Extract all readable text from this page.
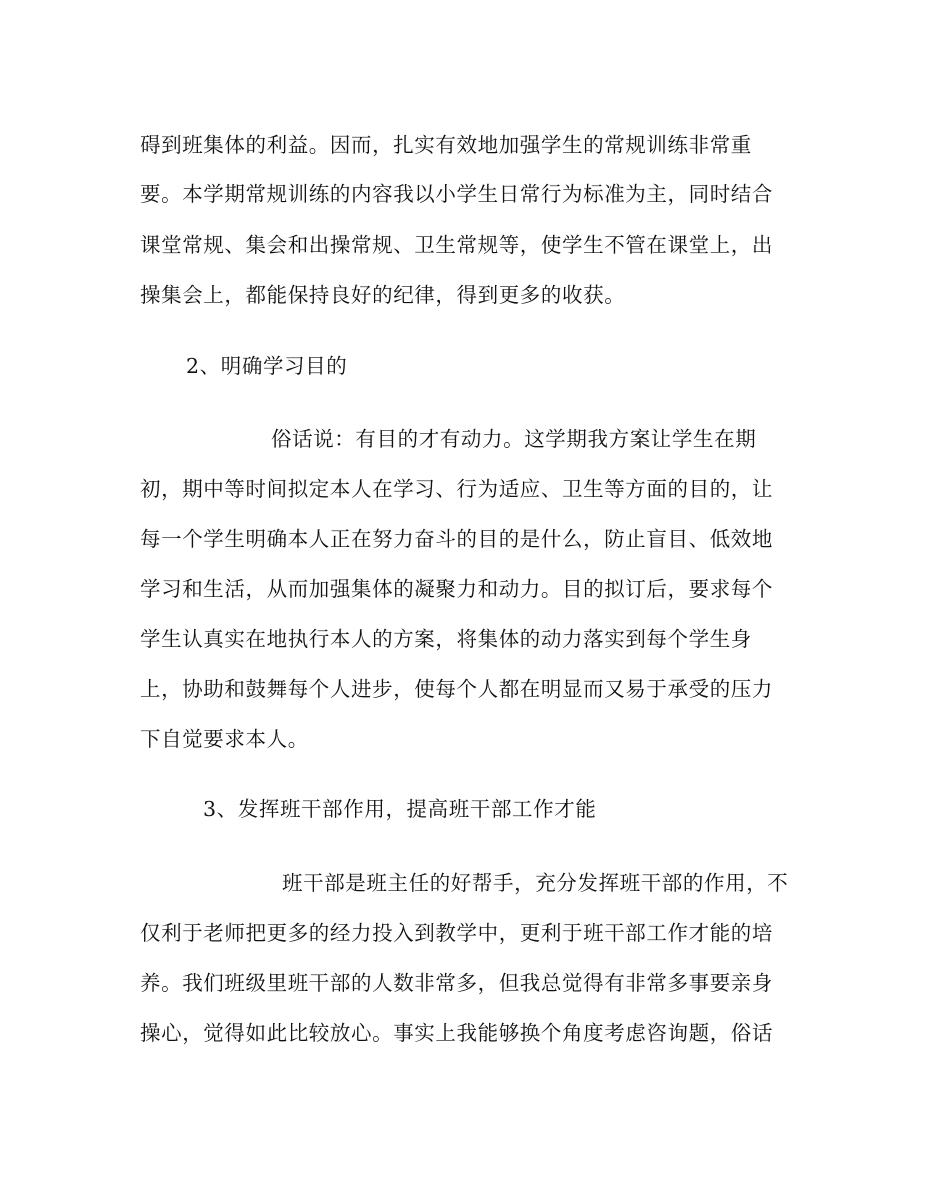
碍到班集体的利益。因而，扎实有效地加强学生的常规训练非常重
要。本学期常规训练的内容我以小学生日常行为标准为主，同时结合
课堂常规、集会和出操常规、卫生常规等，使学生不管在课堂上，出
操集会上，都能保持良好的纪律，得到更多的收获。
2、明确学习目的
俗话说：有目的才有动力。这学期我方案让学生在期
初，期中等时间拟定本人在学习、行为适应、卫生等方面的目的，让
每一个学生明确本人正在努力奋斗的目的是什么，防止盲目、低效地
学习和生活，从而加强集体的凝聚力和动力。目的拟订后，要求每个
学生认真实在地执行本人的方案，将集体的动力落实到每个学生身
上，协助和鼓舞每个人进步，使每个人都在明显而又易于承受的压力
下自觉要求本人。
3、发挥班干部作用，提高班干部工作才能
班干部是班主任的好帮手，充分发挥班干部的作用，不
仅利于老师把更多的经力投入到教学中，更利于班干部工作才能的培
养。我们班级里班干部的人数非常多，但我总觉得有非常多事要亲身
操心，觉得如此比较放心。事实上我能够换个角度考虑咨询题，俗话
